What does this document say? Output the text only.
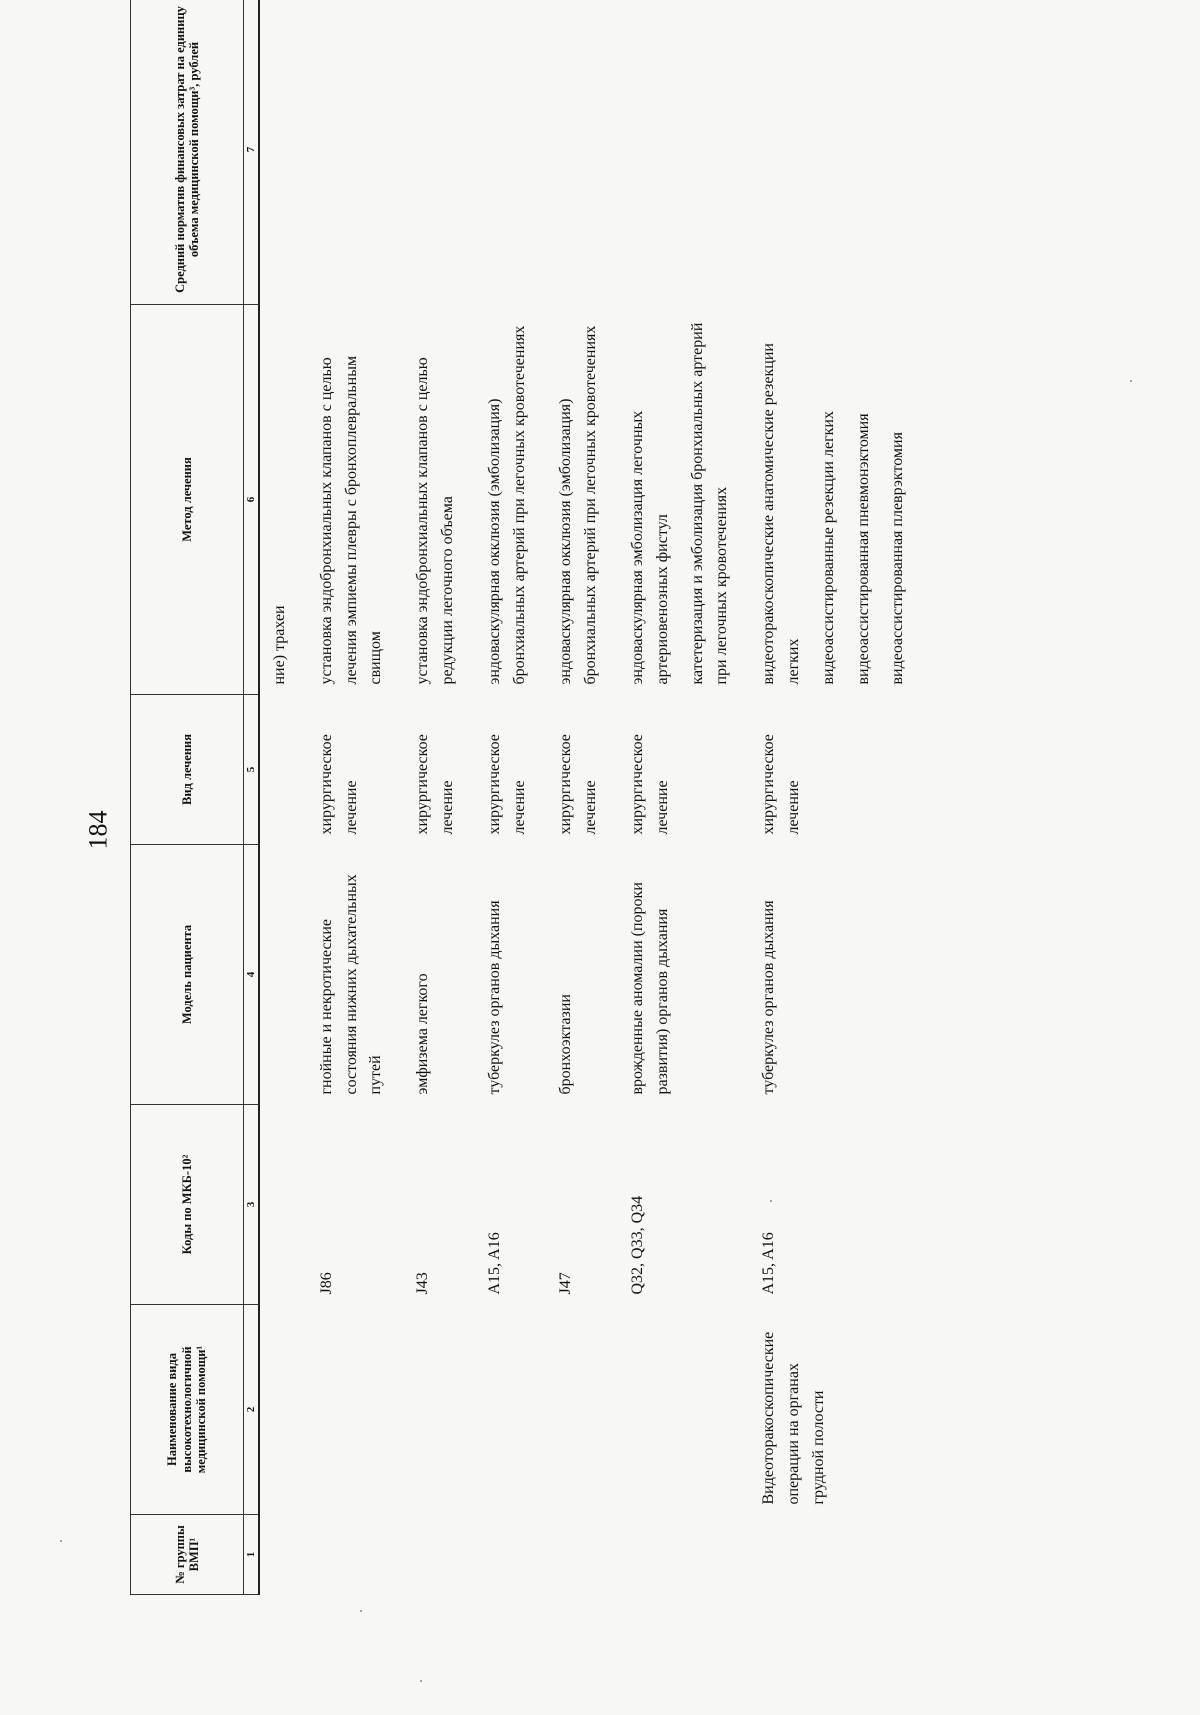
184
№ группы ВМП¹	Наименование вида высокотехнологичной медицинской помощи¹	Коды по МКБ-10²	Модель пациента	Вид лечения	Метод лечения	Средний норматив финансовых затрат на единицу объема медицинской помощи³, рублей
1	2	3	4	5	6	7

					ние) трахеи	

		J86	гнойные и некротические состояния нижних дыхательных путей	хирургическое лечение	установка эндобронхиальных клапанов с целью лечения эмпиемы плевры с бронхоплевральным свищом	

		J43	эмфизема легкого	хирургическое лечение	установка эндобронхиальных клапанов с целью редукции легочного объема	

		A15, A16	туберкулез органов дыхания	хирургическое лечение	эндоваскулярная окклюзия (эмболизация) бронхиальных артерий при легочных кровотечениях	

		J47	бронхоэктазии	хирургическое лечение	эндоваскулярная окклюзия (эмболизация) бронхиальных артерий при легочных кровотечениях	

		Q32, Q33, Q34	врожденные аномалии (пороки развития) органов дыхания	хирургическое лечение	эндоваскулярная эмболизация легочных артериовенозных фистул катетеризация и эмболизация бронхиальных артерий при легочных кровотечениях	

	Видеоторакоскопические операции на органах грудной полости	A15, A16	туберкулез органов дыхания	хирургическое лечение	видеоторакоскопические анатомические резекции легких видеоассистированные резекции легких видеоассистированная пневмонэктомия видеоассистированная плеврэктомия	
